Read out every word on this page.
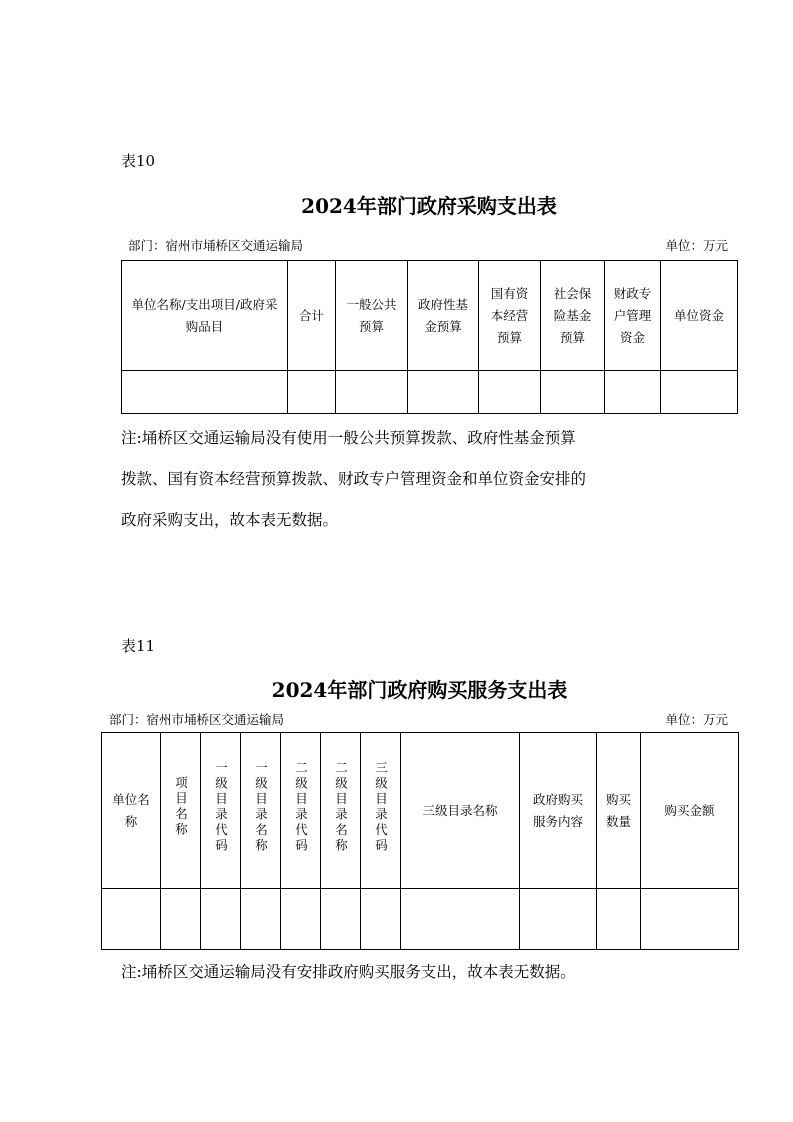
表10
2024年部门政府采购支出表
部门：宿州市埇桥区交通运输局	单位：万元
单位名称/支出项目/政府采购品目	合计	一般公共预算	政府性基金预算	国有资本经营预算	社会保险基金预算	财政专户管理资金	单位资金

注:埇桥区交通运输局没有使用一般公共预算拨款、政府性基金预算
拨款、国有资本经营预算拨款、财政专户管理资金和单位资金安排的
政府采购支出，故本表无数据。
表11
2024年部门政府购买服务支出表
部门：宿州市埇桥区交通运输局	单位：万元
单位名称	项目名称	一级目录代码	一级目录名称	二级目录代码	二级目录名称	三级目录代码	三级目录名称	政府购买服务内容	购买数量	购买金额

注:埇桥区交通运输局没有安排政府购买服务支出，故本表无数据。
